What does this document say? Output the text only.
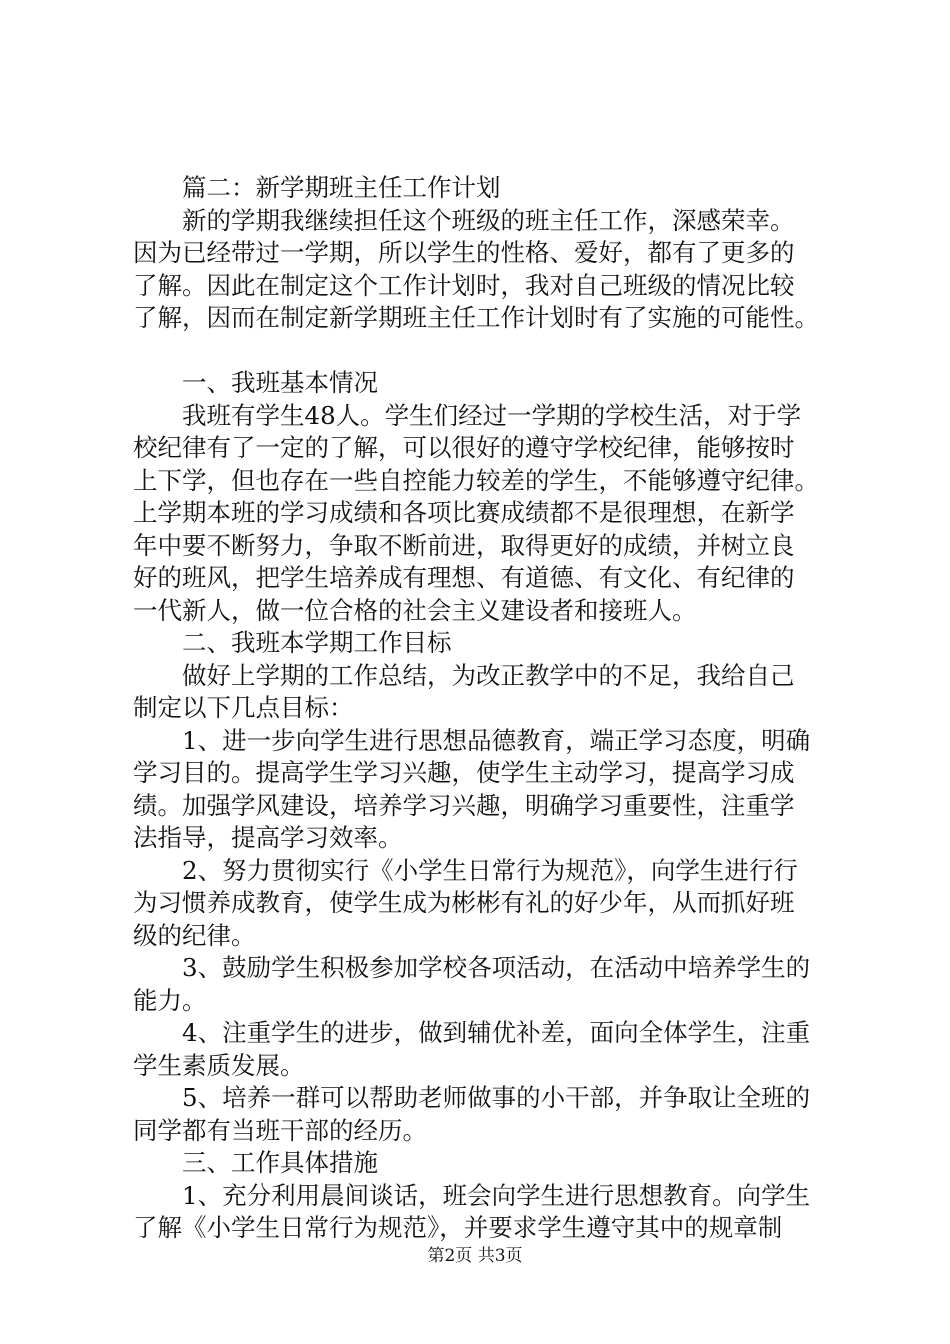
篇二：新学期班主任工作计划
新的学期我继续担任这个班级的班主任工作，深感荣幸。
因为已经带过一学期，所以学生的性格、爱好，都有了更多的
了解。因此在制定这个工作计划时，我对自己班级的情况比较
了解，因而在制定新学期班主任工作计划时有了实施的可能性。
一、我班基本情况
我班有学生48人。学生们经过一学期的学校生活，对于学
校纪律有了一定的了解，可以很好的遵守学校纪律，能够按时
上下学，但也存在一些自控能力较差的学生，不能够遵守纪律。
上学期本班的学习成绩和各项比赛成绩都不是很理想，在新学
年中要不断努力，争取不断前进，取得更好的成绩，并树立良
好的班风，把学生培养成有理想、有道德、有文化、有纪律的
一代新人，做一位合格的社会主义建设者和接班人。
二、我班本学期工作目标
做好上学期的工作总结，为改正教学中的不足，我给自己
制定以下几点目标：
1、进一步向学生进行思想品德教育，端正学习态度，明确
学习目的。提高学生学习兴趣，使学生主动学习，提高学习成
绩。加强学风建设，培养学习兴趣，明确学习重要性，注重学
法指导，提高学习效率。
2、努力贯彻实行《小学生日常行为规范》，向学生进行行
为习惯养成教育，使学生成为彬彬有礼的好少年，从而抓好班
级的纪律。
3、鼓励学生积极参加学校各项活动，在活动中培养学生的
能力。
4、注重学生的进步，做到辅优补差，面向全体学生，注重
学生素质发展。
5、培养一群可以帮助老师做事的小干部，并争取让全班的
同学都有当班干部的经历。
三、工作具体措施
1、充分利用晨间谈话，班会向学生进行思想教育。向学生
了解《小学生日常行为规范》，并要求学生遵守其中的规章制
第2页 共3页
